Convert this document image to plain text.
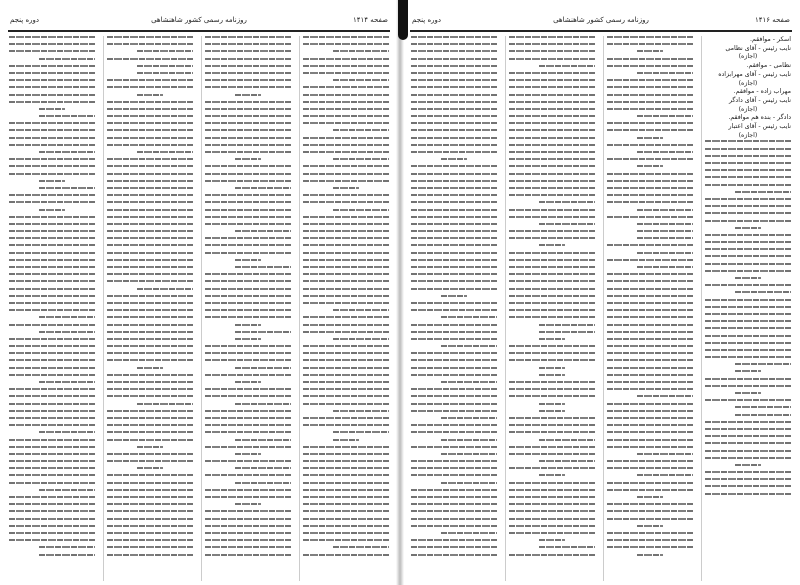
صفحه ۱۴۱۴
روزنامه رسمی کشور شاهنشاهی
دوره پنجم	صفحه ۱۴۱۶
روزنامه رسمی کشور شاهنشاهی
دوره پنجم
اسکر - موافقم.
نایب رئیس - آقای نظامی
(اجازه)
نظامی - موافقم.
نایب رئیس - آقای مهرابزاده
(اجازه)
مهراب زاده - موافقم.
نایب رئیس - آقای دادگر
(اجازه)
دادگر - بنده هم موافقم.
نایب رئیس - آقای اعتبار
(اجازه)
